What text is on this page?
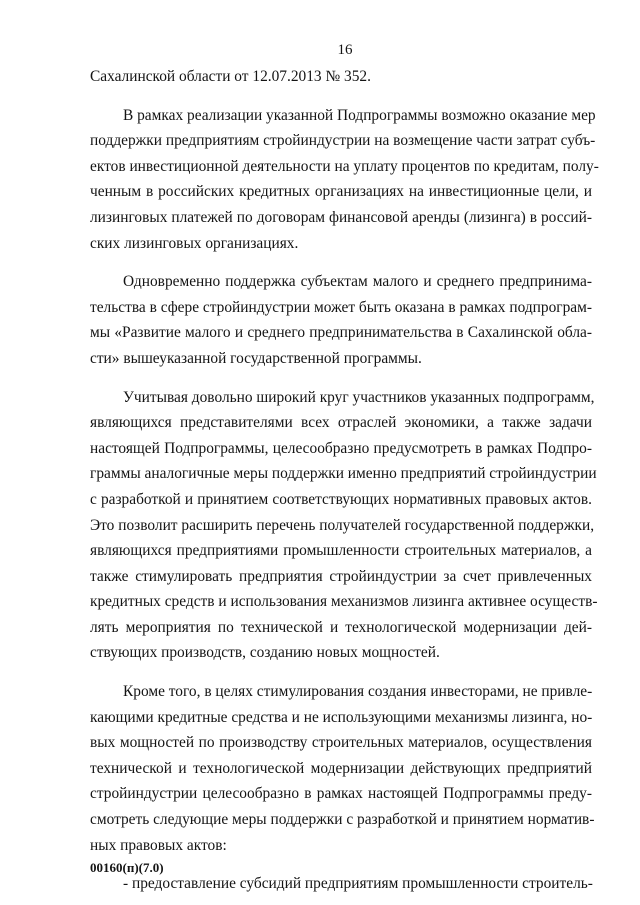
16
Сахалинской области от 12.07.2013 № 352.
В рамках реализации указанной Подпрограммы возможно оказание мер
поддержки предприятиям стройиндустрии на возмещение части затрат субъ-
ектов инвестиционной деятельности на уплату процентов по кредитам, полу-
ченным в российских кредитных организациях на инвестиционные цели, и
лизинговых платежей по договорам финансовой аренды (лизинга) в россий-
ских лизинговых организациях.
Одновременно поддержка субъектам малого и среднего предпринима-
тельства в сфере стройиндустрии может быть оказана в рамках подпрограм-
мы «Развитие малого и среднего предпринимательства в Сахалинской обла-
сти» вышеуказанной государственной программы.
Учитывая довольно широкий круг участников указанных подпрограмм,
являющихся представителями всех отраслей экономики, а также задачи
настоящей Подпрограммы, целесообразно предусмотреть в рамках Подпро-
граммы аналогичные меры поддержки именно предприятий стройиндустрии
с разработкой и принятием соответствующих нормативных правовых актов.
Это позволит расширить перечень получателей государственной поддержки,
являющихся предприятиями промышленности строительных материалов, а
также стимулировать предприятия стройиндустрии за счет привлеченных
кредитных средств и использования механизмов лизинга активнее осуществ-
лять мероприятия по технической и технологической модернизации дей-
ствующих производств, созданию новых мощностей.
Кроме того, в целях стимулирования создания инвесторами, не привле-
кающими кредитные средства и не использующими механизмы лизинга, но-
вых мощностей по производству строительных материалов, осуществления
технической и технологической модернизации действующих предприятий
стройиндустрии целесообразно в рамках настоящей Подпрограммы преду-
смотреть следующие меры поддержки с разработкой и принятием норматив-
ных правовых актов:
- предоставление субсидий предприятиям промышленности строитель-
00160(п)(7.0)
